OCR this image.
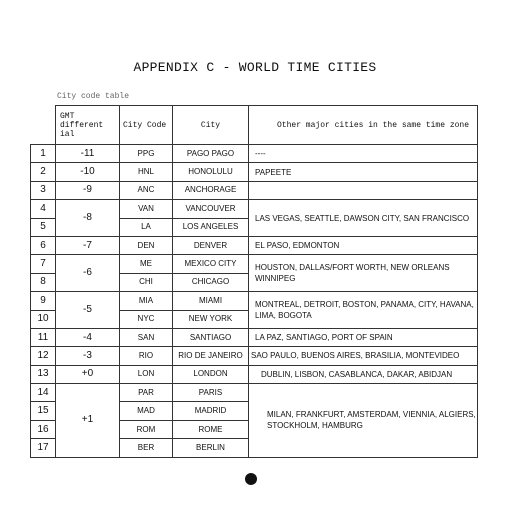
APPENDIX C - WORLD TIME CITIES
City code table
	GMT different ial	City Code	City	Other major cities in the same time zone
1	-11	PPG	PAGO PAGO	----
2	-10	HNL	HONOLULU	PAPEETE
3	-9	ANC	ANCHORAGE	
4	-8	VAN	VANCOUVER	LAS VEGAS, SEATTLE, DAWSON CITY, SAN FRANCISCO
5		LA	LOS ANGELES	
6	-7	DEN	DENVER	EL PASO, EDMONTON
7	-6	ME	MEXICO CITY	HOUSTON, DALLAS/FORT WORTH, NEW ORLEANS WINNIPEG
8		CHI	CHICAGO	
9	-5	MIA	MIAMI	MONTREAL, DETROIT, BOSTON, PANAMA, CITY, HAVANA, LIMA, BOGOTA
10		NYC	NEW YORK	
11	-4	SAN	SANTIAGO	LA PAZ, SANTIAGO, PORT OF SPAIN
12	-3	RIO	RIO DE JANEIRO	SAO PAULO, BUENOS AIRES, BRASILIA, MONTEVIDEO
13	+0	LON	LONDON	DUBLIN, LISBON, CASABLANCA, DAKAR, ABIDJAN
14	+1	PAR	PARIS	MILAN, FRANKFURT, AMSTERDAM, VIENNIA, ALGIERS, STOCKHOLM, HAMBURG
15		MAD	MADRID	
16		ROM	ROME	
17		BER	BERLIN	
